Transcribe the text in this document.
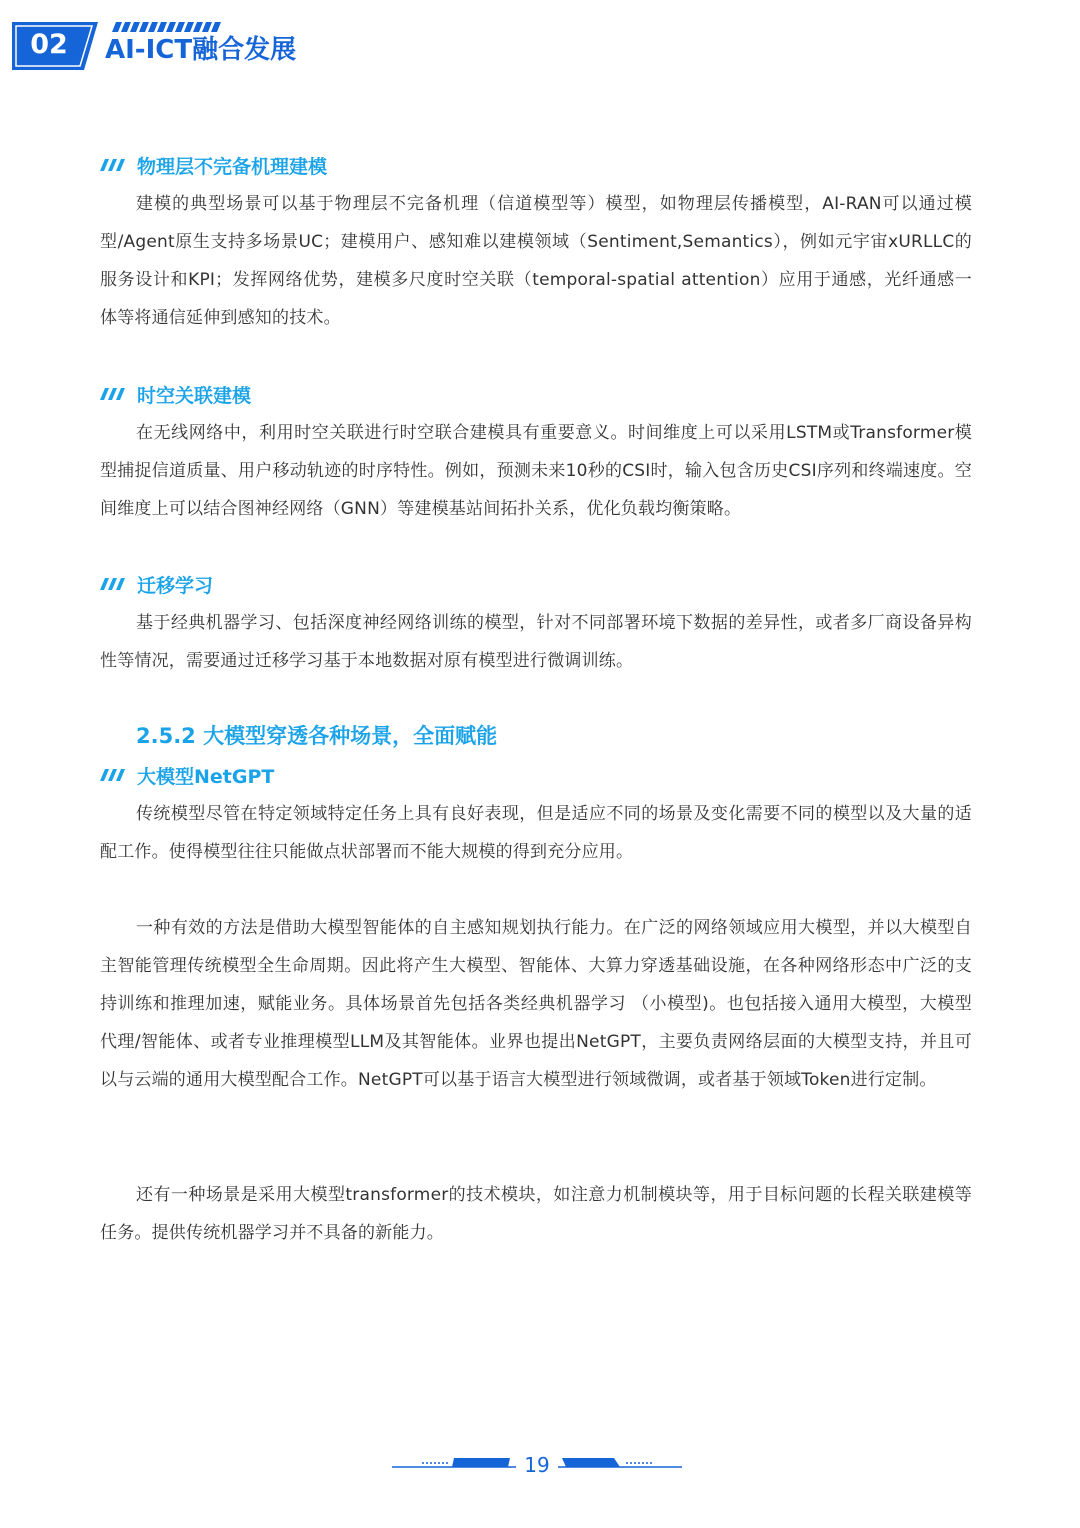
02	AI-ICT融合发展
物理层不完备机理建模

建模的典型场景可以基于物理层不完备机理（信道模型等）模型，如物理层传播模型，AI-RAN可以通过模型/Agent原生支持多场景UC；建模用户、感知难以建模领域（Sentiment,Semantics），例如元宇宙xURLLC的服务设计和KPI；发挥网络优势，建模多尺度时空关联（temporal-spatial attention）应用于通感，光纤通感一体等将通信延伸到感知的技术。

时空关联建模

在无线网络中，利用时空关联进行时空联合建模具有重要意义。时间维度上可以采用LSTM或Transformer模型捕捉信道质量、用户移动轨迹的时序特性。例如，预测未来10秒的CSI时，输入包含历史CSI序列和终端速度。空间维度上可以结合图神经网络（GNN）等建模基站间拓扑关系，优化负载均衡策略。

迁移学习

基于经典机器学习、包括深度神经网络训练的模型，针对不同部署环境下数据的差异性，或者多厂商设备异构性等情况，需要通过迁移学习基于本地数据对原有模型进行微调训练。

2.5.2 大模型穿透各种场景，全面赋能
大模型NetGPT

传统模型尽管在特定领域特定任务上具有良好表现，但是适应不同的场景及变化需要不同的模型以及大量的适配工作。使得模型往往只能做点状部署而不能大规模的得到充分应用。

一种有效的方法是借助大模型智能体的自主感知规划执行能力。在广泛的网络领域应用大模型，并以大模型自主智能管理传统模型全生命周期。因此将产生大模型、智能体、大算力穿透基础设施，在各种网络形态中广泛的支持训练和推理加速，赋能业务。具体场景首先包括各类经典机器学习 （小模型)。也包括接入通用大模型，大模型代理/智能体、或者专业推理模型LLM及其智能体。业界也提出NetGPT，主要负责网络层面的大模型支持，并且可以与云端的通用大模型配合工作。NetGPT可以基于语言大模型进行领域微调，或者基于领域Token进行定制。

还有一种场景是采用大模型transformer的技术模块，如注意力机制模块等，用于目标问题的长程关联建模等任务。提供传统机器学习并不具备的新能力。

19
